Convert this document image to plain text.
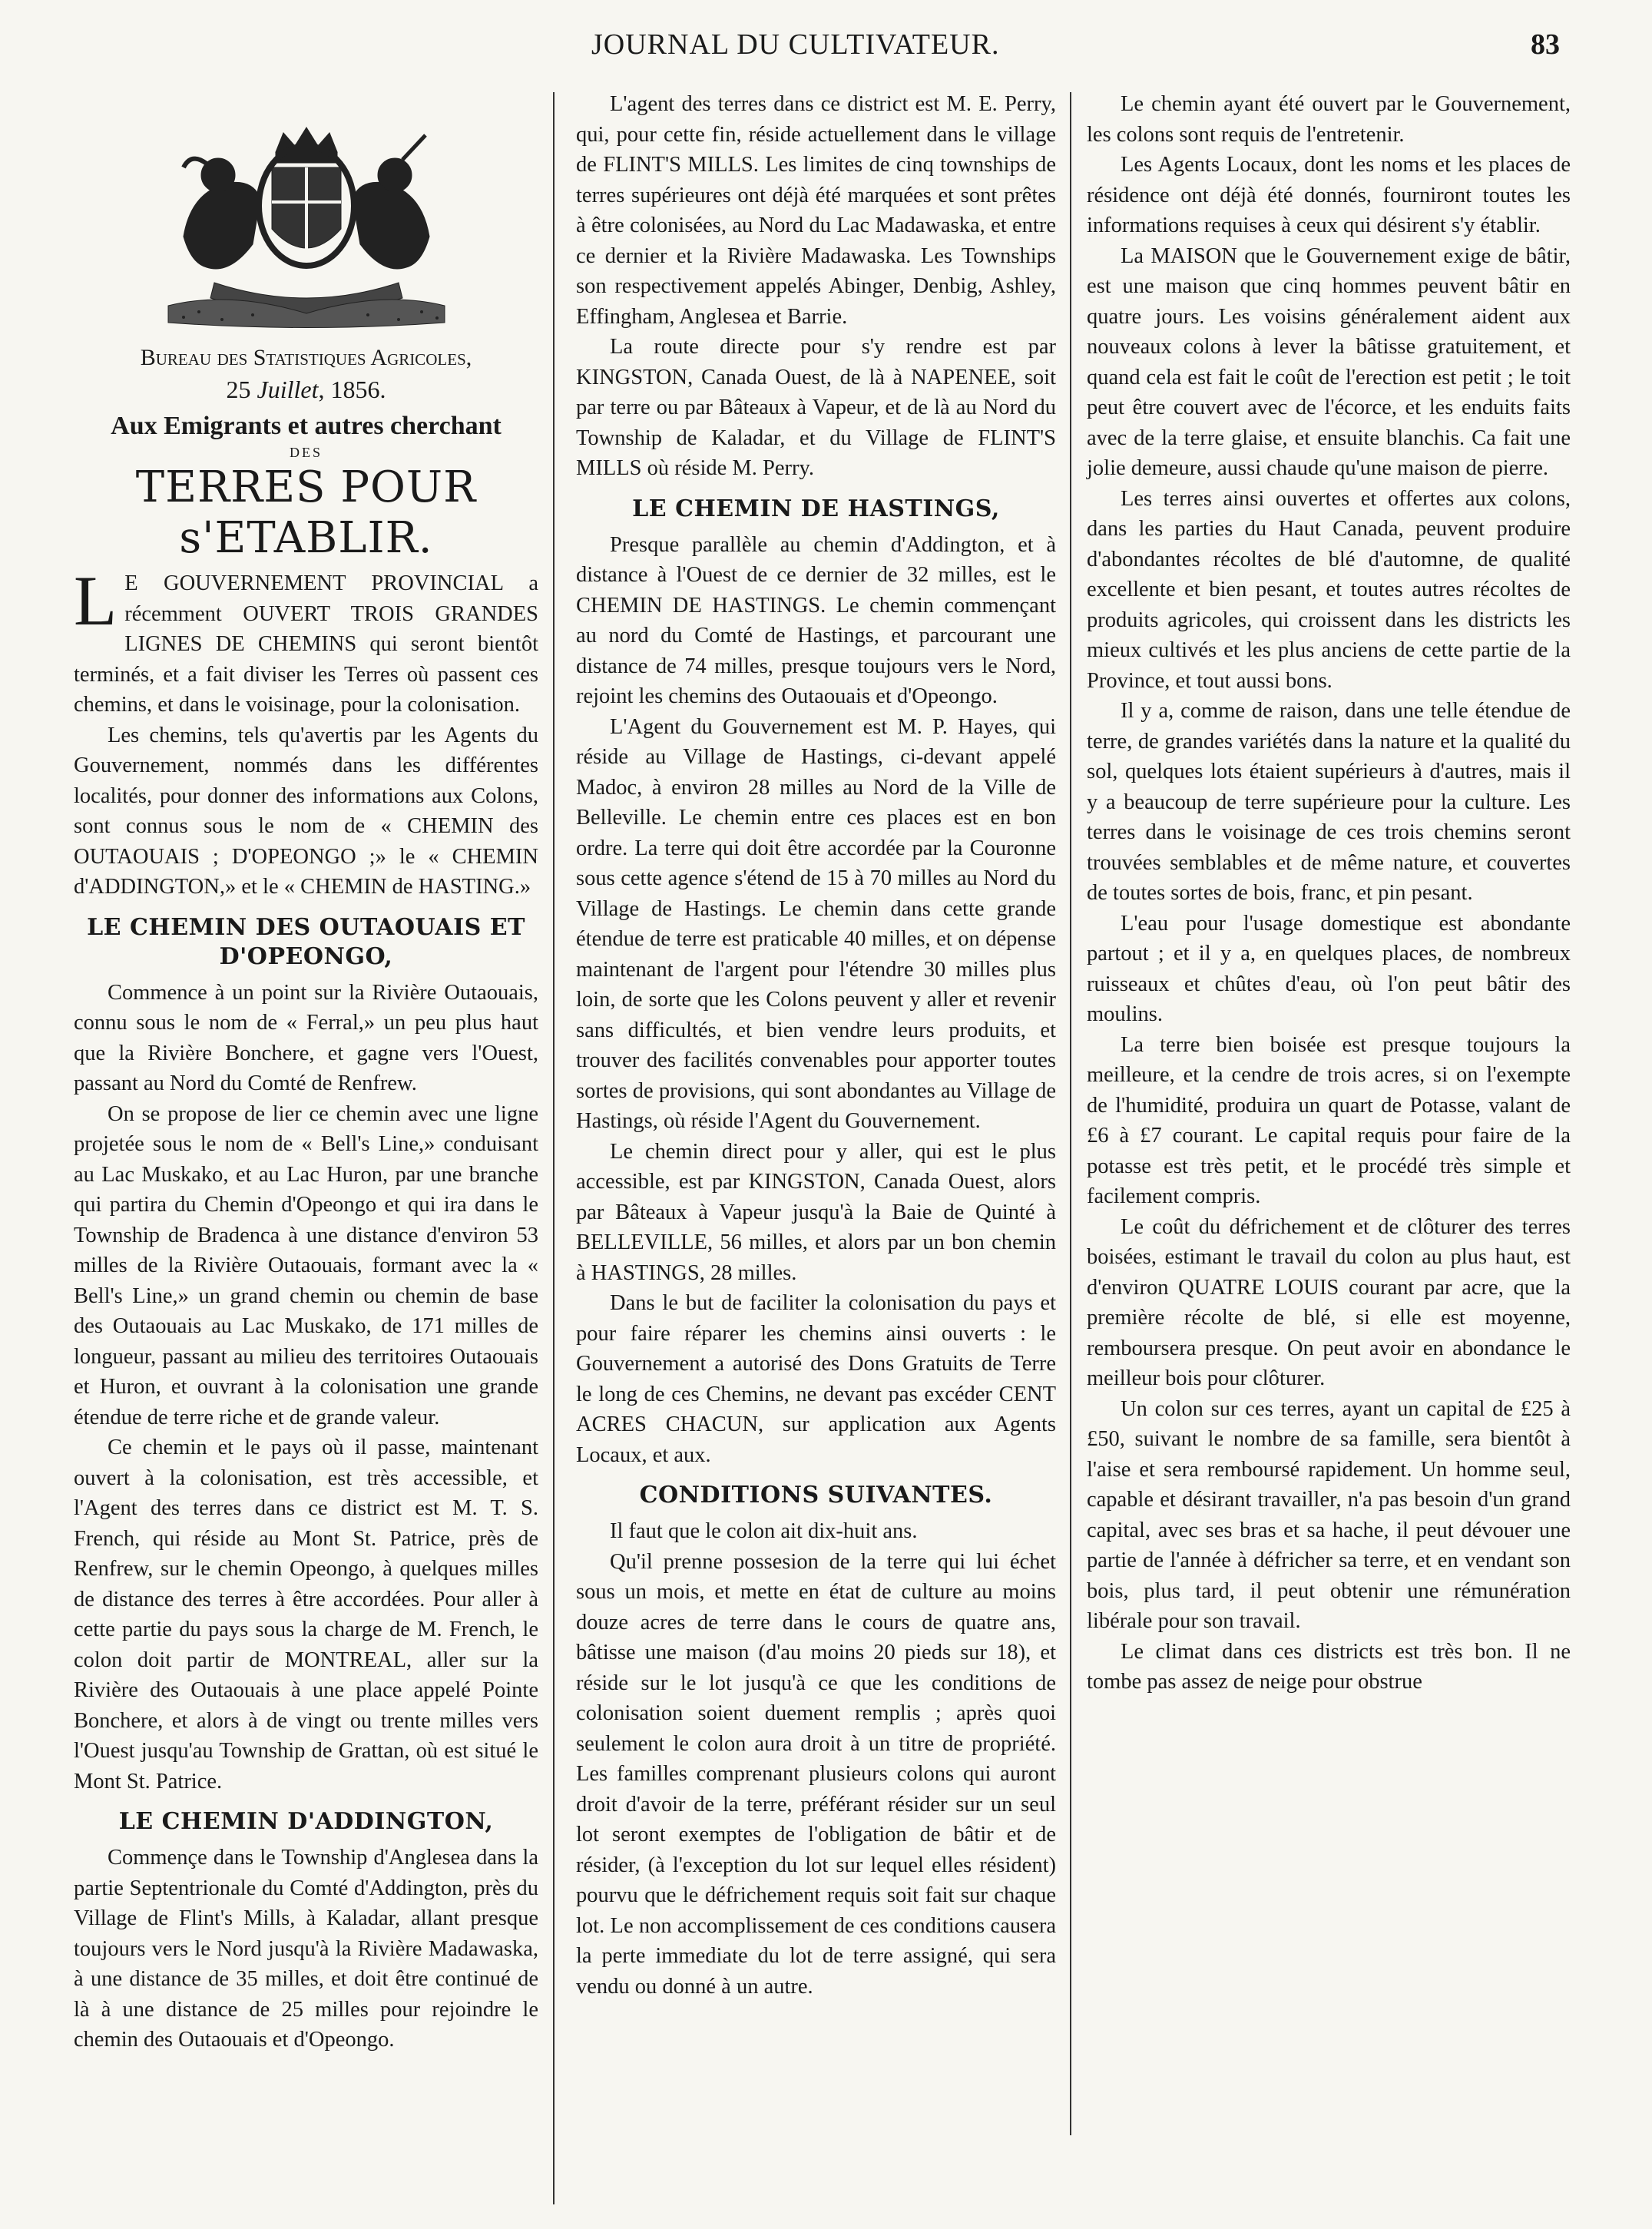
JOURNAL DU CULTIVATEUR.	83
Bureau des Statistiques Agricoles,
25 Juillet, 1856.
Aux Emigrants et autres cherchant
DES
TERRES POUR s'ETABLIR.

L E GOUVERNEMENT PROVINCIAL a récemment OUVERT TROIS GRANDES LIGNES DE CHEMINS qui seront bientôt terminés, et a fait diviser les Terres où passent ces chemins, et dans le voisinage, pour la colonisation.

Les chemins, tels qu'avertis par les Agents du Gouvernement, nommés dans les différentes localités, pour donner des informations aux Colons, sont connus sous le nom de « CHEMIN des OUTAOUAIS ; D'OPEONGO ;» le « CHEMIN d'ADDINGTON,» et le « CHEMIN de HASTING.»

LE CHEMIN DES OUTAOUAIS ET D'OPEONGO,

Commence à un point sur la Rivière Outaouais, connu sous le nom de « Ferral,» un peu plus haut que la Rivière Bonchere, et gagne vers l'Ouest, passant au Nord du Comté de Renfrew.

On se propose de lier ce chemin avec une ligne projetée sous le nom de « Bell's Line,» conduisant au Lac Muskako, et au Lac Huron, par une branche qui partira du Chemin d'Opeongo et qui ira dans le Township de Bradenca à une distance d'environ 53 milles de la Rivière Outaouais, formant avec la « Bell's Line,» un grand chemin ou chemin de base des Outaouais au Lac Muskako, de 171 milles de longueur, passant au milieu des territoires Outaouais et Huron, et ouvrant à la colonisation une grande étendue de terre riche et de grande valeur.

Ce chemin et le pays où il passe, maintenant ouvert à la colonisation, est très accessible, et l'Agent des terres dans ce district est M. T. S. French, qui réside au Mont St. Patrice, près de Renfrew, sur le chemin Opeongo, à quelques milles de distance des terres à être accordées. Pour aller à cette partie du pays sous la charge de M. French, le colon doit partir de MONTREAL, aller sur la Rivière des Outaouais à une place appelé Pointe Bonchere, et alors à de vingt ou trente milles vers l'Ouest jusqu'au Township de Grattan, où est situé le Mont St. Patrice.

LE CHEMIN D'ADDINGTON,

Commençe dans le Township d'Anglesea dans la partie Septentrionale du Comté d'Addington, près du Village de Flint's Mills, à Kaladar, allant presque toujours vers le Nord jusqu'à la Rivière Madawaska, à une distance de 35 milles, et doit être continué de là à une distance de 25 milles pour rejoindre le chemin des Outaouais et d'Opeongo.

L'agent des terres dans ce district est M. E. Perry, qui, pour cette fin, réside actuellement dans le village de FLINT'S MILLS. Les limites de cinq townships de terres supérieures ont déjà été marquées et sont prêtes à être colonisées, au Nord du Lac Madawaska, et entre ce dernier et la Rivière Madawaska. Les Townships son respectivement appelés Abinger, Denbig, Ashley, Effingham, Anglesea et Barrie.

La route directe pour s'y rendre est par KINGSTON, Canada Ouest, de là à NAPENEE, soit par terre ou par Bâteaux à Vapeur, et de là au Nord du Township de Kaladar, et du Village de FLINT'S MILLS où réside M. Perry.

LE CHEMIN DE HASTINGS,

Presque parallèle au chemin d'Addington, et à distance à l'Ouest de ce dernier de 32 milles, est le CHEMIN DE HASTINGS. Le chemin commençant au nord du Comté de Hastings, et parcourant une distance de 74 milles, presque toujours vers le Nord, rejoint les chemins des Outaouais et d'Opeongo.

L'Agent du Gouvernement est M. P. Hayes, qui réside au Village de Hastings, ci-devant appelé Madoc, à environ 28 milles au Nord de la Ville de Belleville. Le chemin entre ces places est en bon ordre. La terre qui doit être accordée par la Couronne sous cette agence s'étend de 15 à 70 milles au Nord du Village de Hastings. Le chemin dans cette grande étendue de terre est praticable 40 milles, et on dépense maintenant de l'argent pour l'étendre 30 milles plus loin, de sorte que les Colons peuvent y aller et revenir sans difficultés, et bien vendre leurs produits, et trouver des facilités convenables pour apporter toutes sortes de provisions, qui sont abondantes au Village de Hastings, où réside l'Agent du Gouvernement.

Le chemin direct pour y aller, qui est le plus accessible, est par KINGSTON, Canada Ouest, alors par Bâteaux à Vapeur jusqu'à la Baie de Quinté à BELLEVILLE, 56 milles, et alors par un bon chemin à HASTINGS, 28 milles.

Dans le but de faciliter la colonisation du pays et pour faire réparer les chemins ainsi ouverts : le Gouvernement a autorisé des Dons Gratuits de Terre le long de ces Chemins, ne devant pas excéder CENT ACRES CHACUN, sur application aux Agents Locaux, et aux.

CONDITIONS SUIVANTES.

Il faut que le colon ait dix-huit ans.

Qu'il prenne possesion de la terre qui lui échet sous un mois, et mette en état de culture au moins douze acres de terre dans le cours de quatre ans, bâtisse une maison (d'au moins 20 pieds sur 18), et réside sur le lot jusqu'à ce que les conditions de colonisation soient duement remplis ; après quoi seulement le colon aura droit à un titre de propriété. Les familles comprenant plusieurs colons qui auront droit d'avoir de la terre, préférant résider sur un seul lot seront exemptes de l'obligation de bâtir et de résider, (à l'exception du lot sur lequel elles résident) pourvu que le défrichement requis soit fait sur chaque lot. Le non accomplissement de ces conditions causera la perte immediate du lot de terre assigné, qui sera vendu ou donné à un autre.

Le chemin ayant été ouvert par le Gouvernement, les colons sont requis de l'entretenir.

Les Agents Locaux, dont les noms et les places de résidence ont déjà été donnés, fourniront toutes les informations requises à ceux qui désirent s'y établir.

La MAISON que le Gouvernement exige de bâtir, est une maison que cinq hommes peuvent bâtir en quatre jours. Les voisins généralement aident aux nouveaux colons à lever la bâtisse gratuitement, et quand cela est fait le coût de l'erection est petit ; le toit peut être couvert avec de l'écorce, et les enduits faits avec de la terre glaise, et ensuite blanchis. Ca fait une jolie demeure, aussi chaude qu'une maison de pierre.

Les terres ainsi ouvertes et offertes aux colons, dans les parties du Haut Canada, peuvent produire d'abondantes récoltes de blé d'automne, de qualité excellente et bien pesant, et toutes autres récoltes de produits agricoles, qui croissent dans les districts les mieux cultivés et les plus anciens de cette partie de la Province, et tout aussi bons.

Il y a, comme de raison, dans une telle étendue de terre, de grandes variétés dans la nature et la qualité du sol, quelques lots étaient supérieurs à d'autres, mais il y a beaucoup de terre supérieure pour la culture. Les terres dans le voisinage de ces trois chemins seront trouvées semblables et de même nature, et couvertes de toutes sortes de bois, franc, et pin pesant.

L'eau pour l'usage domestique est abondante partout ; et il y a, en quelques places, de nombreux ruisseaux et chûtes d'eau, où l'on peut bâtir des moulins.

La terre bien boisée est presque toujours la meilleure, et la cendre de trois acres, si on l'exempte de l'humidité, produira un quart de Potasse, valant de £6 à £7 courant. Le capital requis pour faire de la potasse est très petit, et le procédé très simple et facilement compris.

Le coût du défrichement et de clôturer des terres boisées, estimant le travail du colon au plus haut, est d'environ QUATRE LOUIS courant par acre, que la première récolte de blé, si elle est moyenne, remboursera presque. On peut avoir en abondance le meilleur bois pour clôturer.

Un colon sur ces terres, ayant un capital de £25 à £50, suivant le nombre de sa famille, sera bientôt à l'aise et sera remboursé rapidement. Un homme seul, capable et désirant travailler, n'a pas besoin d'un grand capital, avec ses bras et sa hache, il peut dévouer une partie de l'année à défricher sa terre, et en vendant son bois, plus tard, il peut obtenir une rémunération libérale pour son travail.

Le climat dans ces districts est très bon. Il ne tombe pas assez de neige pour obstrue
